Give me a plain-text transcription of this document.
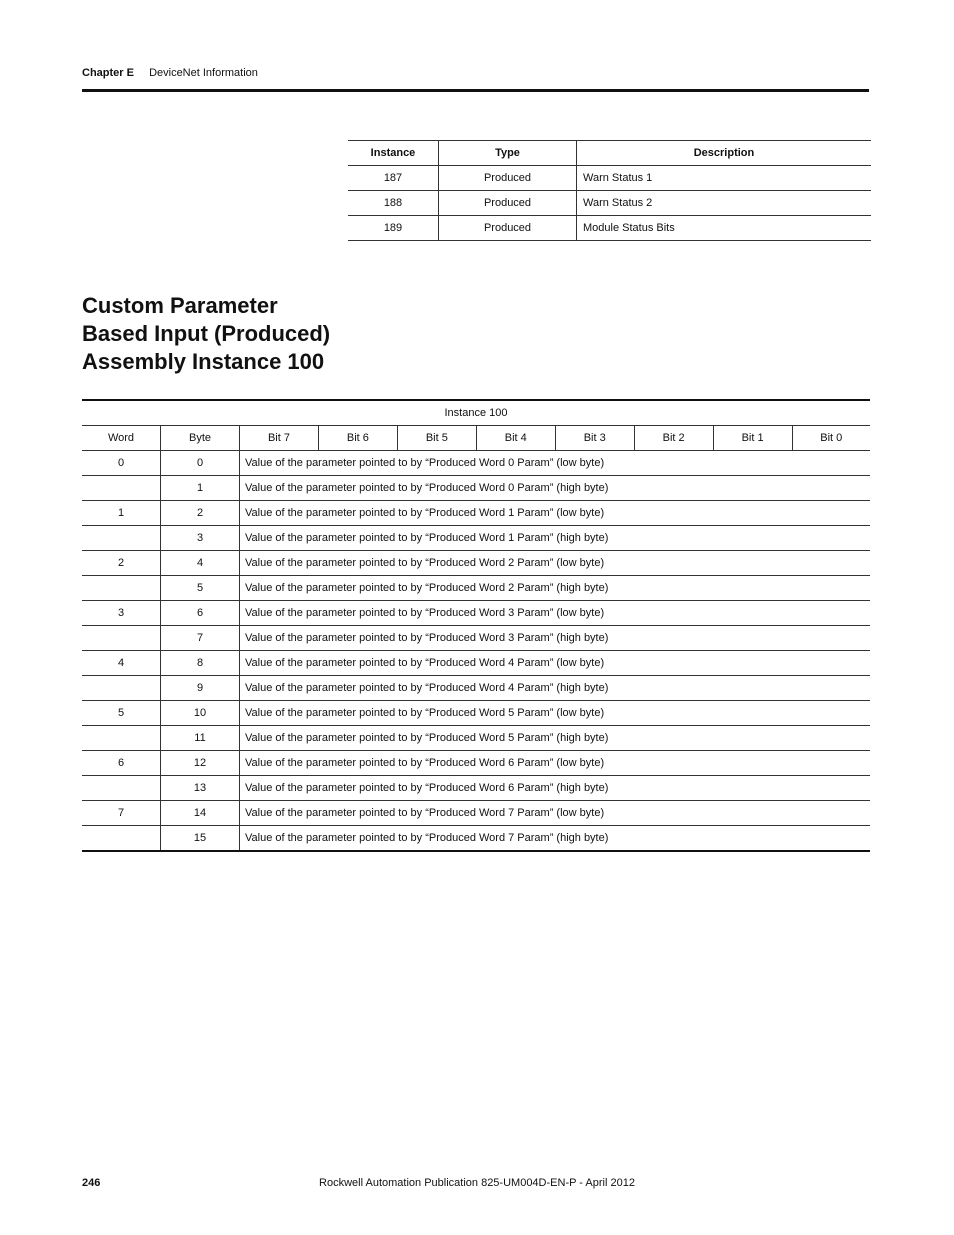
Chapter E DeviceNet Information
Instance	Type	Description
187	Produced	Warn Status 1
188	Produced	Warn Status 2
189	Produced	Module Status Bits
Custom Parameter Based Input (Produced) Assembly Instance 100
Instance 100									
Word	Byte	Bit 7	Bit 6	Bit 5	Bit 4	Bit 3	Bit 2	Bit 1	Bit 0
0	0	Value of the parameter pointed to by “Produced Word 0 Param” (low byte)							
	1	Value of the parameter pointed to by “Produced Word 0 Param” (high byte)							
1	2	Value of the parameter pointed to by “Produced Word 1 Param” (low byte)							
	3	Value of the parameter pointed to by “Produced Word 1 Param” (high byte)							
2	4	Value of the parameter pointed to by “Produced Word 2 Param” (low byte)							
	5	Value of the parameter pointed to by “Produced Word 2 Param” (high byte)							
3	6	Value of the parameter pointed to by “Produced Word 3 Param” (low byte)							
	7	Value of the parameter pointed to by “Produced Word 3 Param” (high byte)							
4	8	Value of the parameter pointed to by “Produced Word 4 Param” (low byte)							
	9	Value of the parameter pointed to by “Produced Word 4 Param” (high byte)							
5	10	Value of the parameter pointed to by “Produced Word 5 Param” (low byte)							
	11	Value of the parameter pointed to by “Produced Word 5 Param” (high byte)							
6	12	Value of the parameter pointed to by “Produced Word 6 Param” (low byte)							
	13	Value of the parameter pointed to by “Produced Word 6 Param” (high byte)							
7	14	Value of the parameter pointed to by “Produced Word 7 Param” (low byte)							
	15	Value of the parameter pointed to by “Produced Word 7 Param” (high byte)							
246	Rockwell Automation Publication 825-UM004D-EN-P - April 2012
